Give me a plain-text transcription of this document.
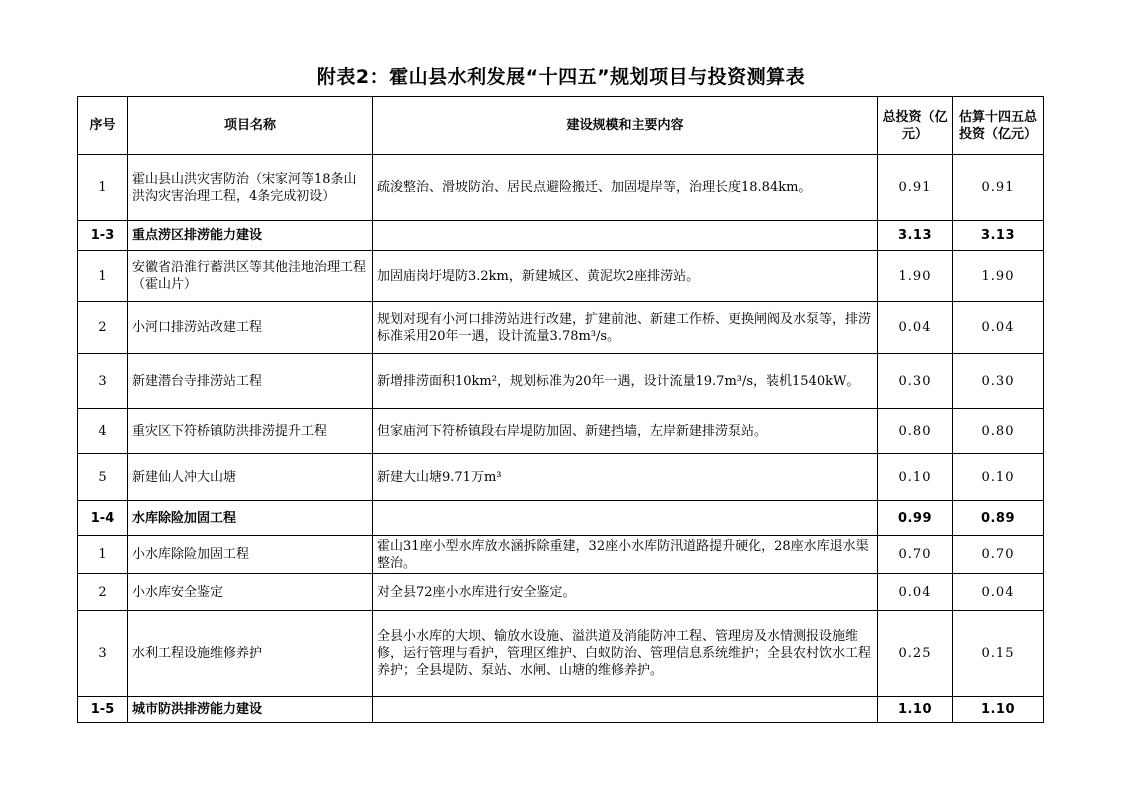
附表2：霍山县水利发展“十四五”规划项目与投资测算表
序号	项目名称	建设规模和主要内容	总投资（亿元）	估算十四五总投资（亿元）
1	霍山县山洪灾害防治（宋家河等18条山洪沟灾害治理工程，4条完成初设）	疏浚整治、滑坡防治、居民点避险搬迁、加固堤岸等，治理长度18.84km。	0.91	0.91
1-3	重点涝区排涝能力建设		3.13	3.13
1	安徽省沿淮行蓄洪区等其他洼地治理工程（霍山片）	加固庙岗圩堤防3.2km，新建城区、黄泥坎2座排涝站。	1.90	1.90
2	小河口排涝站改建工程	规划对现有小河口排涝站进行改建，扩建前池、新建工作桥、更换闸阀及水泵等，排涝标准采用20年一遇，设计流量3.78m³/s。	0.04	0.04
3	新建潜台寺排涝站工程	新增排涝面积10km²，规划标准为20年一遇，设计流量19.7m³/s，装机1540kW。	0.30	0.30
4	重灾区下符桥镇防洪排涝提升工程	但家庙河下符桥镇段右岸堤防加固、新建挡墙，左岸新建排涝泵站。	0.80	0.80
5	新建仙人冲大山塘	新建大山塘9.71万m³	0.10	0.10
1-4	水库除险加固工程		0.99	0.89
1	小水库除险加固工程	霍山31座小型水库放水涵拆除重建，32座小水库防汛道路提升硬化，28座水库退水渠整治。	0.70	0.70
2	小水库安全鉴定	对全县72座小水库进行安全鉴定。	0.04	0.04
3	水利工程设施维修养护	全县小水库的大坝、输放水设施、溢洪道及消能防冲工程、管理房及水情测报设施维修，运行管理与看护，管理区维护、白蚁防治、管理信息系统维护；全县农村饮水工程养护；全县堤防、泵站、水闸、山塘的维修养护。	0.25	0.15
1-5	城市防洪排涝能力建设		1.10	1.10
